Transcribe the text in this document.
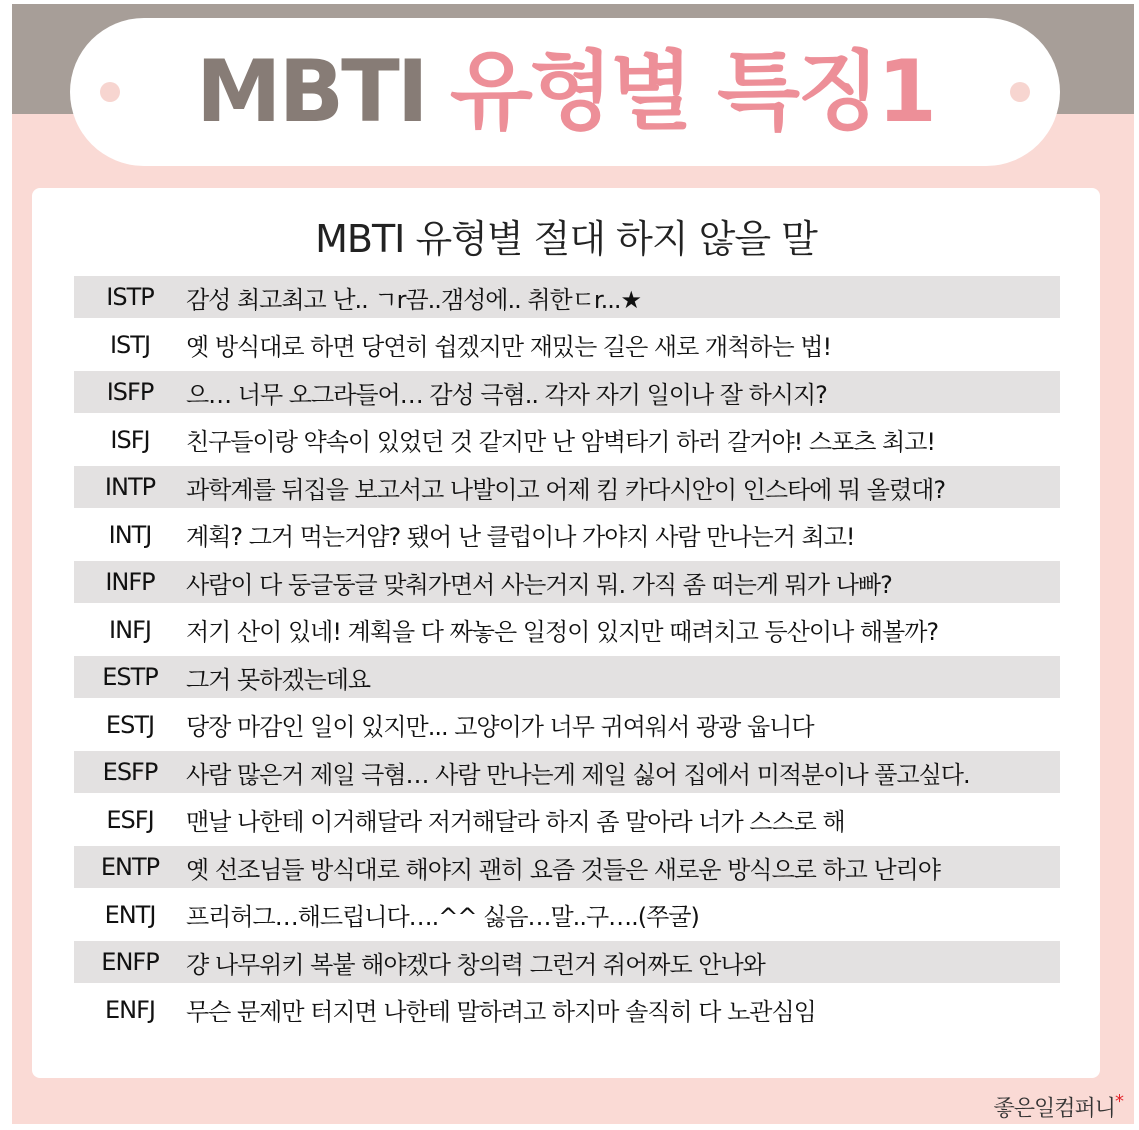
MBTI 유형별 특징1
MBTI 유형별 절대 하지 않을 말
ISTP	감성 최고최고 난.. ㄱr끔..갬성에.. 취한ㄷr...★
ISTJ	옛 방식대로 하면 당연히 쉽겠지만 재밌는 길은 새로 개척하는 법!
ISFP	으… 너무 오그라들어… 감성 극혐.. 각자 자기 일이나 잘 하시지?
ISFJ	친구들이랑 약속이 있었던 것 같지만 난 암벽타기 하러 갈거야! 스포츠 최고!
INTP	과학계를 뒤집을 보고서고 나발이고 어제 킴 카다시안이 인스타에 뭐 올렸대?
INTJ	계획? 그거 먹는거얌? 됐어 난 클럽이나 가야지 사람 만나는거 최고!
INFP	사람이 다 둥글둥글 맞춰가면서 사는거지 뭐. 가직 좀 떠는게 뭐가 나빠?
INFJ	저기 산이 있네! 계획을 다 짜놓은 일정이 있지만 때려치고 등산이나 해볼까?
ESTP	그거 못하겠는데요
ESTJ	당장 마감인 일이 있지만... 고양이가 너무 귀여워서 광광 웁니다
ESFP	사람 많은거 제일 극혐… 사람 만나는게 제일 싫어 집에서 미적분이나 풀고싶다.
ESFJ	맨날 나한테 이거해달라 저거해달라 하지 좀 말아라 너가 스스로 해
ENTP	옛 선조님들 방식대로 해야지 괜히 요즘 것들은 새로운 방식으로 하고 난리야
ENTJ	프리허그…해드립니다….^^ 싫음…말..구….(쭈굴)
ENFP	걍 나무위키 복붙 해야겠다 창의력 그런거 쥐어짜도 안나와
ENFJ	무슨 문제만 터지면 나한테 말하려고 하지마 솔직히 다 노관심임
좋은일컴퍼니*
